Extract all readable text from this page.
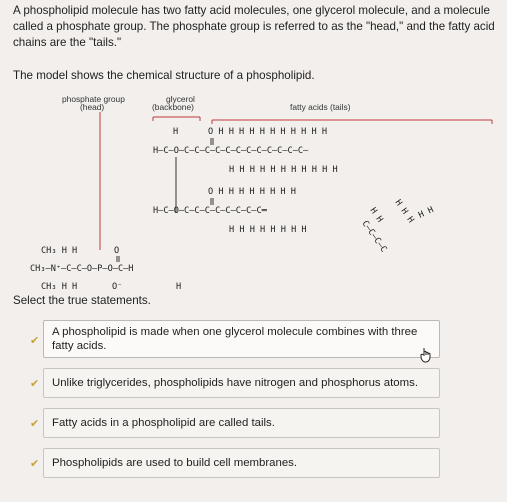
A phospholipid molecule has two fatty acid molecules, one glycerol molecule, and a molecule called a phosphate group. The phosphate group is referred to as the "head," and the fatty acid chains are the "tails."

The model shows the chemical structure of a phospholipid.

phosphate group
(head)
glycerol
(backbone)	fatty acids (tails)
H	O H H H H H H H H H H H
H—C—O—C—C—C—C—C—C—C—C—C—C—C—C—
H H H H H H H H H H H
O H H H H H H H H
H—C—O—C—C—C—C—C—C—C—C═
H H H H H H H H
H H
C—C—C—C
H H H H H
CH₃ H H	O
CH₃—N⁺—C—C—O—P—O—C—H
CH₃ H H	O⁻	H

Select the true statements.

✔
A phospholipid is made when one glycerol molecule combines with three fatty acids.
✔ Unlike triglycerides, phospholipids have nitrogen and phosphorus atoms.
✔ Fatty acids in a phospholipid are called tails.
✔ Phospholipids are used to build cell membranes.
